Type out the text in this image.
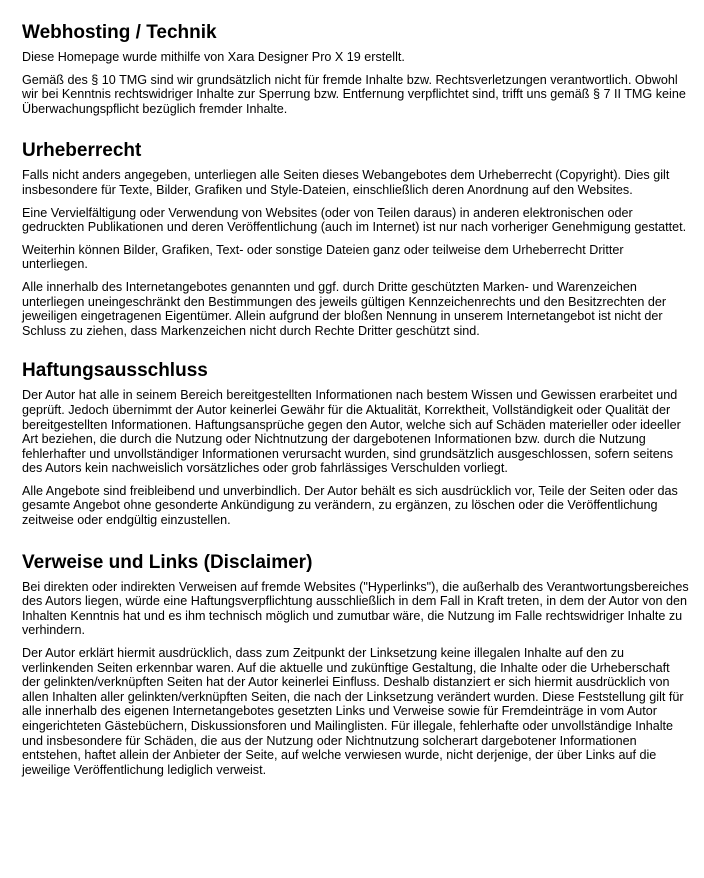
Webhosting / Technik

Diese Homepage wurde mithilfe von Xara Designer Pro X 19 erstellt.

Gemäß des § 10 TMG sind wir grundsätzlich nicht für fremde Inhalte bzw. Rechtsverletzungen verantwortlich. Obwohl wir bei Kenntnis rechtswidriger Inhalte zur Sperrung bzw. Entfernung verpflichtet sind, trifft uns gemäß § 7 II TMG keine Überwachungspflicht bezüglich fremder Inhalte.

Urheberrecht

Falls nicht anders angegeben, unterliegen alle Seiten dieses Webangebotes dem Urheberrecht (Copyright). Dies gilt insbesondere für Texte, Bilder, Grafiken und Style-Dateien, einschließlich deren Anordnung auf den Websites.

Eine Vervielfältigung oder Verwendung von Websites (oder von Teilen daraus) in anderen elektronischen oder gedruckten Publikationen und deren Veröffentlichung (auch im Internet) ist nur nach vorheriger Genehmigung gestattet.

Weiterhin können Bilder, Grafiken, Text- oder sonstige Dateien ganz oder teilweise dem Urheberrecht Dritter unterliegen.

Alle innerhalb des Internetangebotes genannten und ggf. durch Dritte geschützten Marken- und Warenzeichen unterliegen uneingeschränkt den Bestimmungen des jeweils gültigen Kennzeichenrechts und den Besitzrechten der jeweiligen eingetragenen Eigentümer. Allein aufgrund der bloßen Nennung in unserem Internetangebot ist nicht der Schluss zu ziehen, dass Markenzeichen nicht durch Rechte Dritter geschützt sind.

Haftungsausschluss

Der Autor hat alle in seinem Bereich bereitgestellten Informationen nach bestem Wissen und Gewissen erarbeitet und geprüft. Jedoch übernimmt der Autor keinerlei Gewähr für die Aktualität, Korrektheit, Vollständigkeit oder Qualität der bereitgestellten Informationen. Haftungsansprüche gegen den Autor, welche sich auf Schäden materieller oder ideeller Art beziehen, die durch die Nutzung oder Nichtnutzung der dargebotenen Informationen bzw. durch die Nutzung fehlerhafter und unvollständiger Informationen verursacht wurden, sind grundsätzlich ausgeschlossen, sofern seitens des Autors kein nachweislich vorsätzliches oder grob fahrlässiges Verschulden vorliegt.

Alle Angebote sind freibleibend und unverbindlich. Der Autor behält es sich ausdrücklich vor, Teile der Seiten oder das gesamte Angebot ohne gesonderte Ankündigung zu verändern, zu ergänzen, zu löschen oder die Veröffentlichung zeitweise oder endgültig einzustellen.

Verweise und Links (Disclaimer)

Bei direkten oder indirekten Verweisen auf fremde Websites ("Hyperlinks"), die außerhalb des Verantwortungsbereiches des Autors liegen, würde eine Haftungsverpflichtung ausschließlich in dem Fall in Kraft treten, in dem der Autor von den Inhalten Kenntnis hat und es ihm technisch möglich und zumutbar wäre, die Nutzung im Falle rechtswidriger Inhalte zu verhindern.

Der Autor erklärt hiermit ausdrücklich, dass zum Zeitpunkt der Linksetzung keine illegalen Inhalte auf den zu verlinkenden Seiten erkennbar waren. Auf die aktuelle und zukünftige Gestaltung, die Inhalte oder die Urheberschaft der gelinkten/verknüpften Seiten hat der Autor keinerlei Einfluss. Deshalb distanziert er sich hiermit ausdrücklich von allen Inhalten aller gelinkten/verknüpften Seiten, die nach der Linksetzung verändert wurden. Diese Feststellung gilt für alle innerhalb des eigenen Internetangebotes gesetzten Links und Verweise sowie für Fremdeinträge in vom Autor eingerichteten Gästebüchern, Diskussionsforen und Mailinglisten. Für illegale, fehlerhafte oder unvollständige Inhalte und insbesondere für Schäden, die aus der Nutzung oder Nichtnutzung solcherart dargebotener Informationen entstehen, haftet allein der Anbieter der Seite, auf welche verwiesen wurde, nicht derjenige, der über Links auf die jeweilige Veröffentlichung lediglich verweist.
